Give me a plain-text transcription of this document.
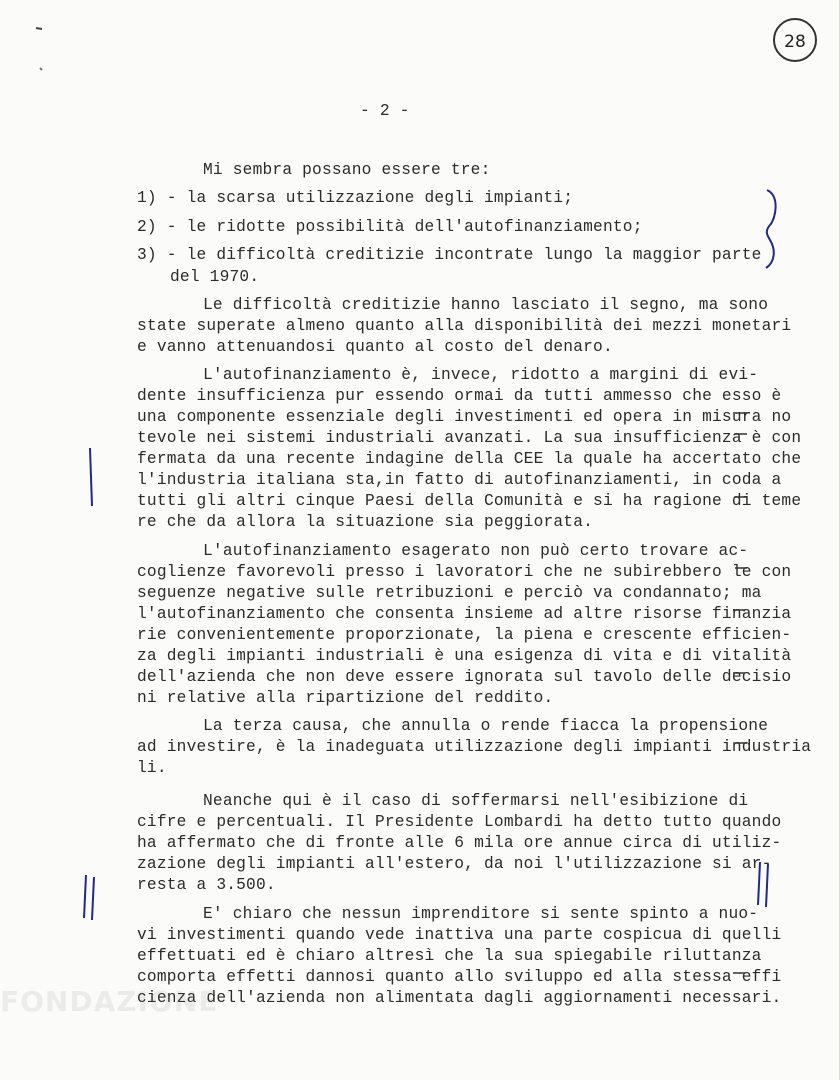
28
- 2 -
Mi sembra possano essere tre:
1) - la scarsa utilizzazione degli impianti;
2) - le ridotte possibilità dell'autofinanziamento;
3) - le difficoltà creditizie incontrate lungo la maggior parte
del 1970.
Le difficoltà creditizie hanno lasciato il segno, ma sono
state superate almeno quanto alla disponibilità dei mezzi monetari
e vanno attenuandosi quanto al costo del denaro.
L'autofinanziamento è, invece, ridotto a margini di evi-
dente insufficienza pur essendo ormai da tutti ammesso che esso è
una componente essenziale degli investimenti ed opera in misura no
tevole nei sistemi industriali avanzati. La sua insufficienza è con
fermata da una recente indagine della CEE la quale ha accertato che
l'industria italiana sta,in fatto di autofinanziamenti, in coda a
tutti gli altri cinque Paesi della Comunità e si ha ragione di teme
re che da allora la situazione sia peggiorata.
L'autofinanziamento esagerato non può certo trovare ac-
coglienze favorevoli presso i lavoratori che ne subirebbero le con
seguenze negative sulle retribuzioni e perciò va condannato; ma
l'autofinanziamento che consenta insieme ad altre risorse finanzia
rie convenientemente proporzionate, la piena e crescente efficien-
za degli impianti industriali è una esigenza di vita e di vitalità
dell'azienda che non deve essere ignorata sul tavolo delle decisio
ni relative alla ripartizione del reddito.
La terza causa, che annulla o rende fiacca la propensione
ad investire, è la inadeguata utilizzazione degli impianti industria
li.
Neanche qui è il caso di soffermarsi nell'esibizione di
cifre e percentuali. Il Presidente Lombardi ha detto tutto quando
ha affermato che di fronte alle 6 mila ore annue circa di utiliz-
zazione degli impianti all'estero, da noi l'utilizzazione si ar-
resta a 3.500.
E' chiaro che nessun imprenditore si sente spinto a nuo-
vi investimenti quando vede inattiva una parte cospicua di quelli
effettuati ed è chiaro altresì che la sua spiegabile riluttanza
comporta effetti dannosi quanto allo sviluppo ed alla stessa effi
cienza dell'azienda non alimentata dagli aggiornamenti necessari.
FONDAZIONE
